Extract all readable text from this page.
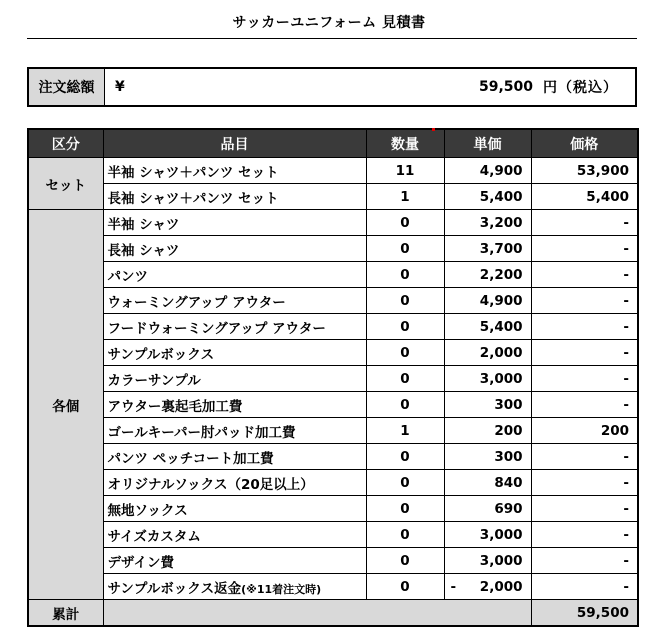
サッカーユニフォーム 見積書
注文総額	¥	59,500 円（税込）
区分	品目	数量	単価	価格
セット	半袖 シャツ＋パンツ セット	11	4,900	53,900
	長袖 シャツ＋パンツ セット	1	5,400	5,400
各個	半袖 シャツ	0	3,200	-
	長袖 シャツ	0	3,700	-
	パンツ	0	2,200	-
	ウォーミングアップ アウター	0	4,900	-
	フードウォーミングアップ アウター	0	5,400	-
	サンプルボックス	0	2,000	-
	カラーサンプル	0	3,000	-
	アウター裏起毛加工費	0	300	-
	ゴールキーパー肘パッド加工費	1	200	200
	パンツ ペッチコート加工費	0	300	-
	オリジナルソックス（20足以上）	0	840	-
	無地ソックス	0	690	-
	サイズカスタム	0	3,000	-
	デザイン費	0	3,000	-
	サンプルボックス返金(※11着注文時)	0	- 2,000	-
累計				59,500
